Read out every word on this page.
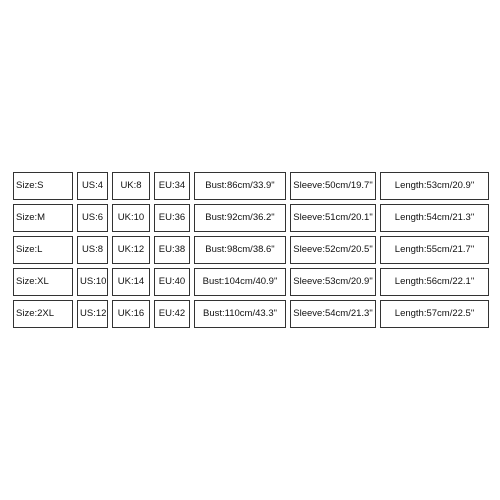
Size:S	US:4	UK:8	EU:34	Bust:86cm/33.9"	Sleeve:50cm/19.7"	Length:53cm/20.9"
Size:M	US:6	UK:10	EU:36	Bust:92cm/36.2"	Sleeve:51cm/20.1"	Length:54cm/21.3"
Size:L	US:8	UK:12	EU:38	Bust:98cm/38.6"	Sleeve:52cm/20.5"	Length:55cm/21.7"
Size:XL	US:10	UK:14	EU:40	Bust:104cm/40.9"	Sleeve:53cm/20.9"	Length:56cm/22.1"
Size:2XL	US:12	UK:16	EU:42	Bust:110cm/43.3"	Sleeve:54cm/21.3"	Length:57cm/22.5"
